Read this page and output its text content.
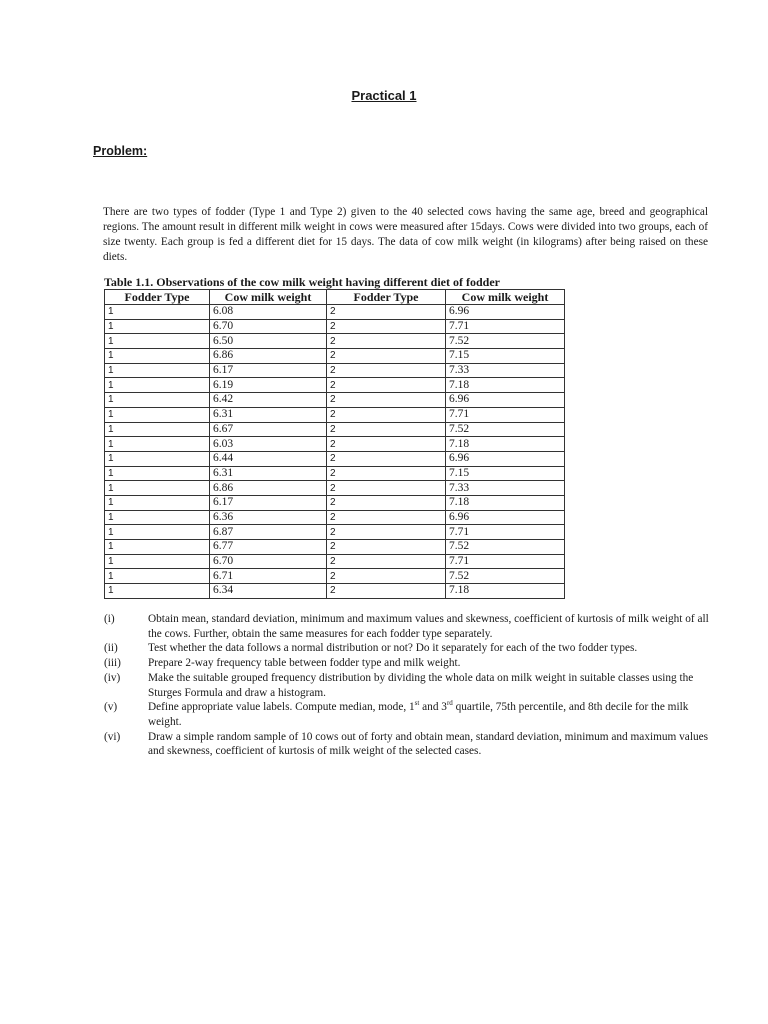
Practical 1
Problem:

There are two types of fodder (Type 1 and Type 2) given to the 40 selected cows having the same age, breed and geographical regions. The amount result in different milk weight in cows were measured after 15days. Cows were divided into two groups, each of size twenty. Each group is fed a different diet for 15 days. The data of cow milk weight (in kilograms) after being raised on these diets.

Table 1.1. Observations of the cow milk weight having different diet of fodder
Fodder Type	Cow milk weight	Fodder Type	Cow milk weight
1	6.08	2	6.96
1	6.70	2	7.71
1	6.50	2	7.52
1	6.86	2	7.15
1	6.17	2	7.33
1	6.19	2	7.18
1	6.42	2	6.96
1	6.31	2	7.71
1	6.67	2	7.52
1	6.03	2	7.18
1	6.44	2	6.96
1	6.31	2	7.15
1	6.86	2	7.33
1	6.17	2	7.18
1	6.36	2	6.96
1	6.87	2	7.71
1	6.77	2	7.52
1	6.70	2	7.71
1	6.71	2	7.52
1	6.34	2	7.18
(i)	Obtain mean, standard deviation, minimum and maximum values and skewness, coefficient of kurtosis of milk weight of all the cows. Further, obtain the same measures for each fodder type separately.
(ii)	Test whether the data follows a normal distribution or not? Do it separately for each of the two fodder types.
(iii)	Prepare 2-way frequency table between fodder type and milk weight.
(iv)	Make the suitable grouped frequency distribution by dividing the whole data on milk weight in suitable classes using the Sturges Formula and draw a histogram.
(v)	Define appropriate value labels. Compute median, mode, 1st and 3rd quartile, 75th percentile, and 8th decile for the milk weight.
(vi)	Draw a simple random sample of 10 cows out of forty and obtain mean, standard deviation, minimum and maximum values and skewness, coefficient of kurtosis of milk weight of the selected cases.
